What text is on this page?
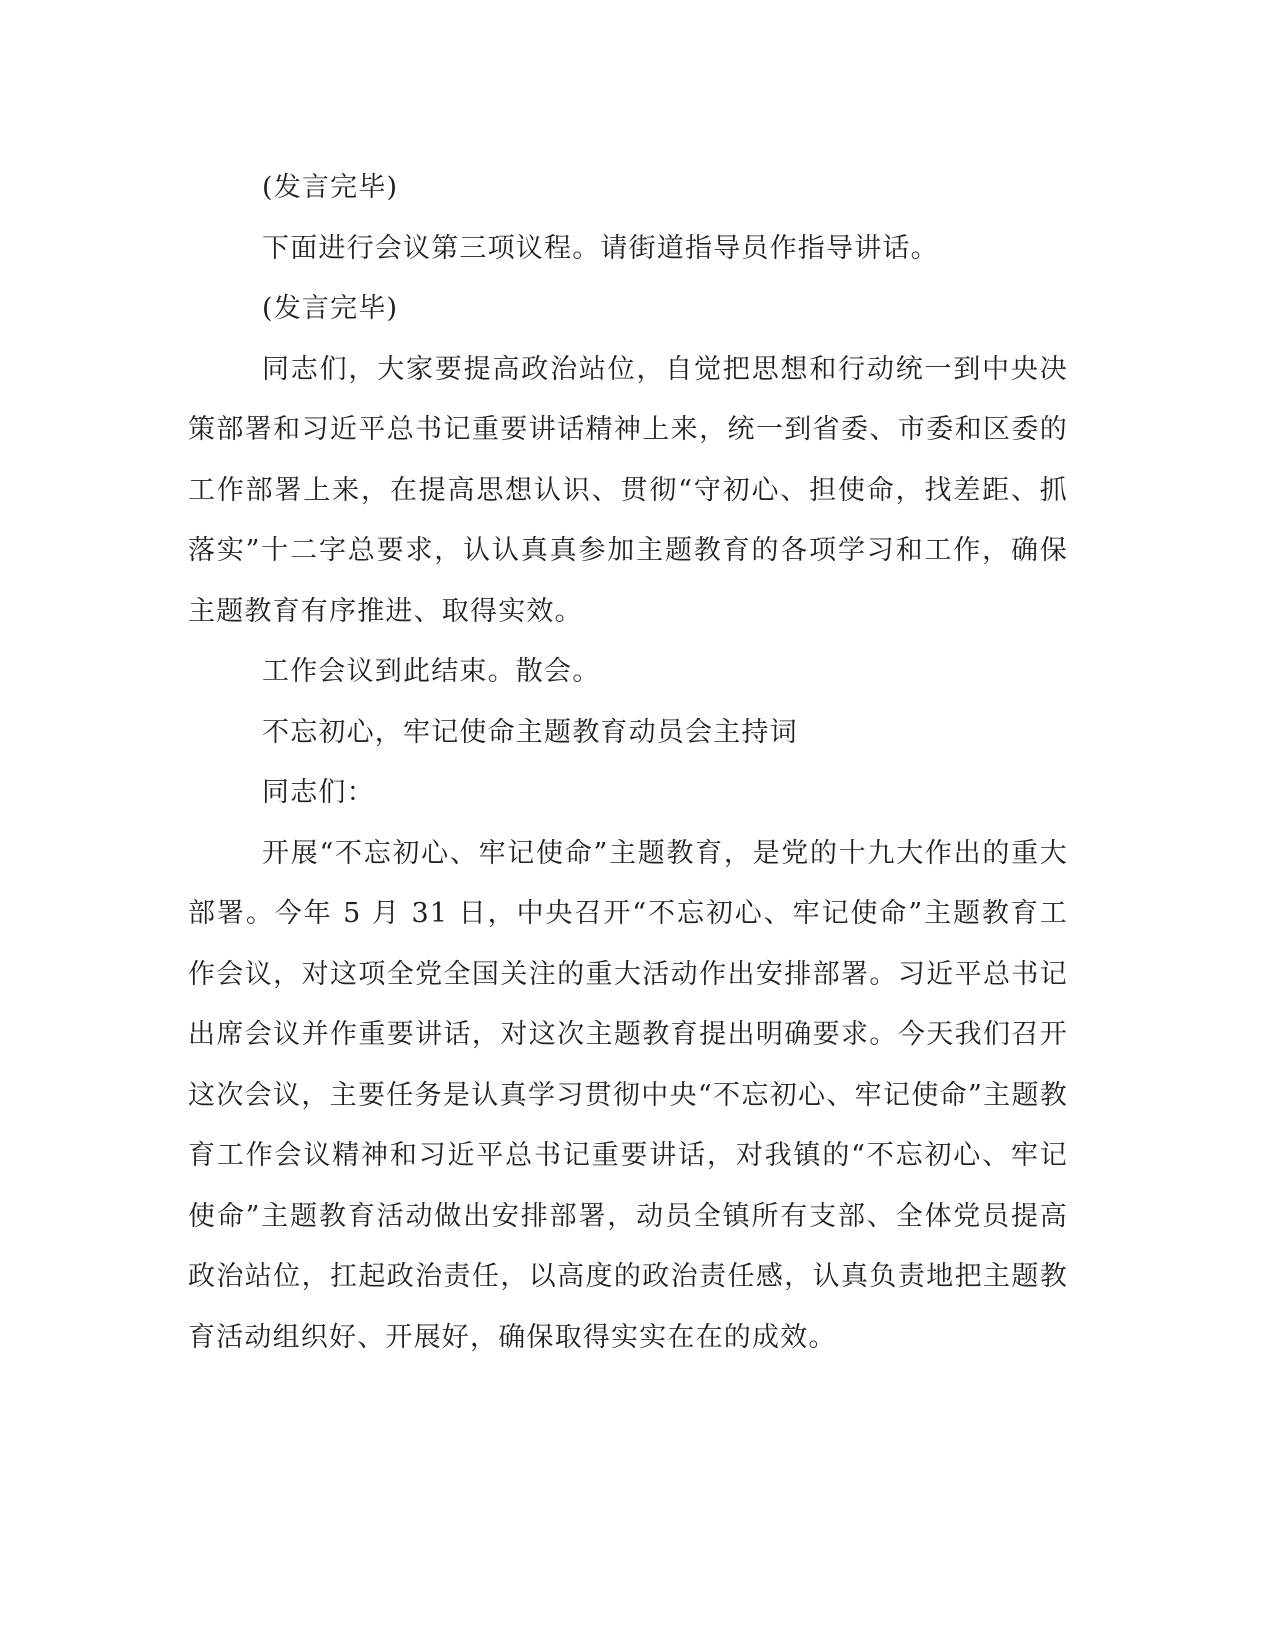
(发言完毕)

下面进行会议第三项议程。请街道指导员作指导讲话。

(发言完毕)

同志们，大家要提高政治站位，自觉把思想和行动统一到中央决策部署和习近平总书记重要讲话精神上来，统一到省委、市委和区委的工作部署上来，在提高思想认识、贯彻“守初心、担使命，找差距、抓落实”十二字总要求，认认真真参加主题教育的各项学习和工作，确保主题教育有序推进、取得实效。

工作会议到此结束。散会。

不忘初心，牢记使命主题教育动员会主持词

同志们：

开展“不忘初心、牢记使命”主题教育，是党的十九大作出的重大部署。今年 5 月 31 日，中央召开“不忘初心、牢记使命”主题教育工作会议，对这项全党全国关注的重大活动作出安排部署。习近平总书记出席会议并作重要讲话，对这次主题教育提出明确要求。今天我们召开这次会议，主要任务是认真学习贯彻中央“不忘初心、牢记使命”主题教育工作会议精神和习近平总书记重要讲话，对我镇的“不忘初心、牢记使命”主题教育活动做出安排部署，动员全镇所有支部、全体党员提高政治站位，扛起政治责任，以高度的政治责任感，认真负责地把主题教育活动组织好、开展好，确保取得实实在在的成效。
